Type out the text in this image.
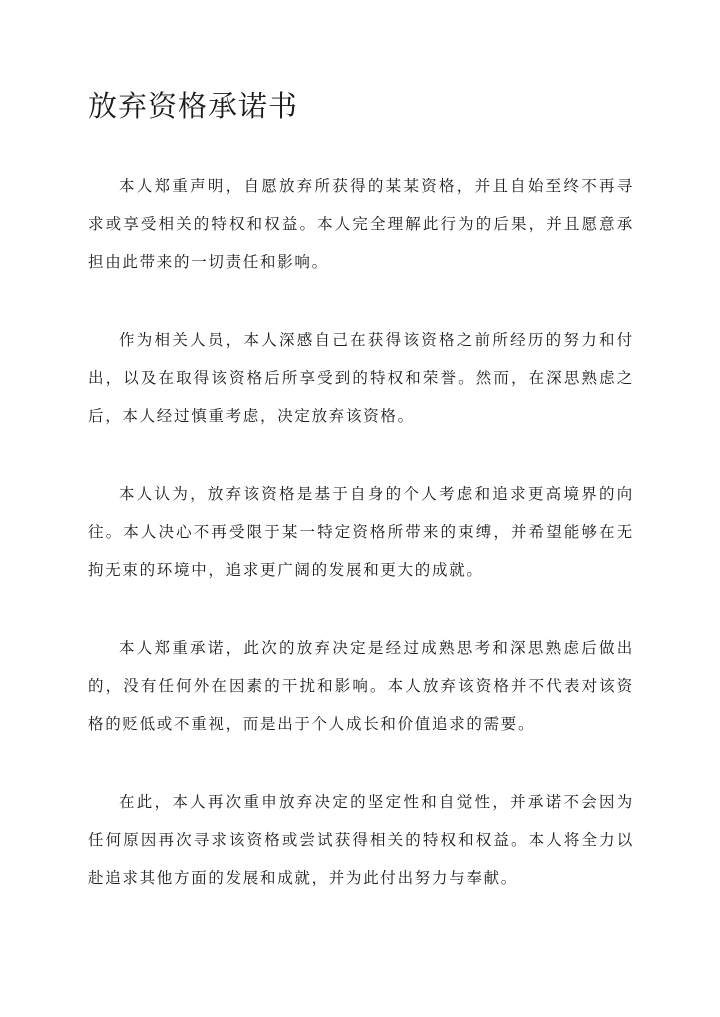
放弃资格承诺书

本人郑重声明，自愿放弃所获得的某某资格，并且自始至终不再寻求或享受相关的特权和权益。本人完全理解此行为的后果，并且愿意承担由此带来的一切责任和影响。

作为相关人员，本人深感自己在获得该资格之前所经历的努力和付出，以及在取得该资格后所享受到的特权和荣誉。然而，在深思熟虑之后，本人经过慎重考虑，决定放弃该资格。

本人认为，放弃该资格是基于自身的个人考虑和追求更高境界的向往。本人决心不再受限于某一特定资格所带来的束缚，并希望能够在无拘无束的环境中，追求更广阔的发展和更大的成就。

本人郑重承诺，此次的放弃决定是经过成熟思考和深思熟虑后做出的，没有任何外在因素的干扰和影响。本人放弃该资格并不代表对该资格的贬低或不重视，而是出于个人成长和价值追求的需要。

在此，本人再次重申放弃决定的坚定性和自觉性，并承诺不会因为任何原因再次寻求该资格或尝试获得相关的特权和权益。本人将全力以赴追求其他方面的发展和成就，并为此付出努力与奉献。
